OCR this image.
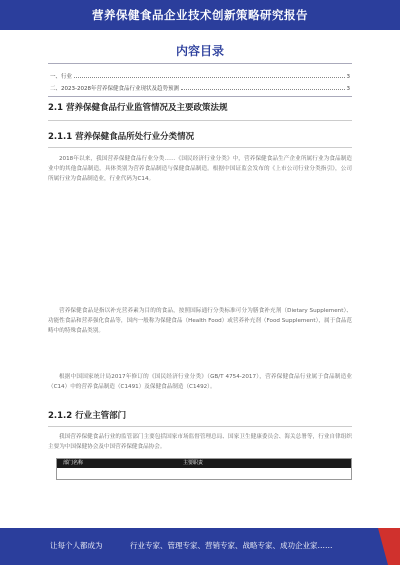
营养保健食品企业技术创新策略研究报告
内容目录
一、行业	3
二、2023-2028年营养保健食品行业现状及趋势预测	3
2.1 营养保健食品行业监管情况及主要政策法规
2.1.1 营养保健食品所处行业分类情况
2018年以来，我国营养保健食品行业分类……《国民经济行业分类》中，营养保健食品生产企业所属行业为食品制造业中的其他食品制造，具体类别为营养食品制造与保健食品制造。根据中国证监会发布的《上市公司行业分类指引》，公司所属行业为食品制造业，行业代码为C14。
营养保健食品是指以补充营养素为目的的食品，按照国际通行分类标准可分为膳食补充剂（Dietary Supplement）、功能性食品和营养强化食品等，国内一般称为保健食品（Health Food）或营养补充剂（Food Supplement），属于食品范畴中的特殊食品类别。
根据中国国家统计局2017年修订的《国民经济行业分类》（GB/T 4754-2017），营养保健食品行业属于食品制造业（C14）中的营养食品制造（C1491）及保健食品制造（C1492）。
2.1.2 行业主管部门
我国营养保健食品行业的监管部门主要包括国家市场监督管理总局、国家卫生健康委员会、海关总署等，行业自律组织主要为中国保健协会及中国营养保健食品协会。
部门名称	主要职责
让每个人都成为	行业专家、管理专家、营销专家、战略专家、成功企业家……
